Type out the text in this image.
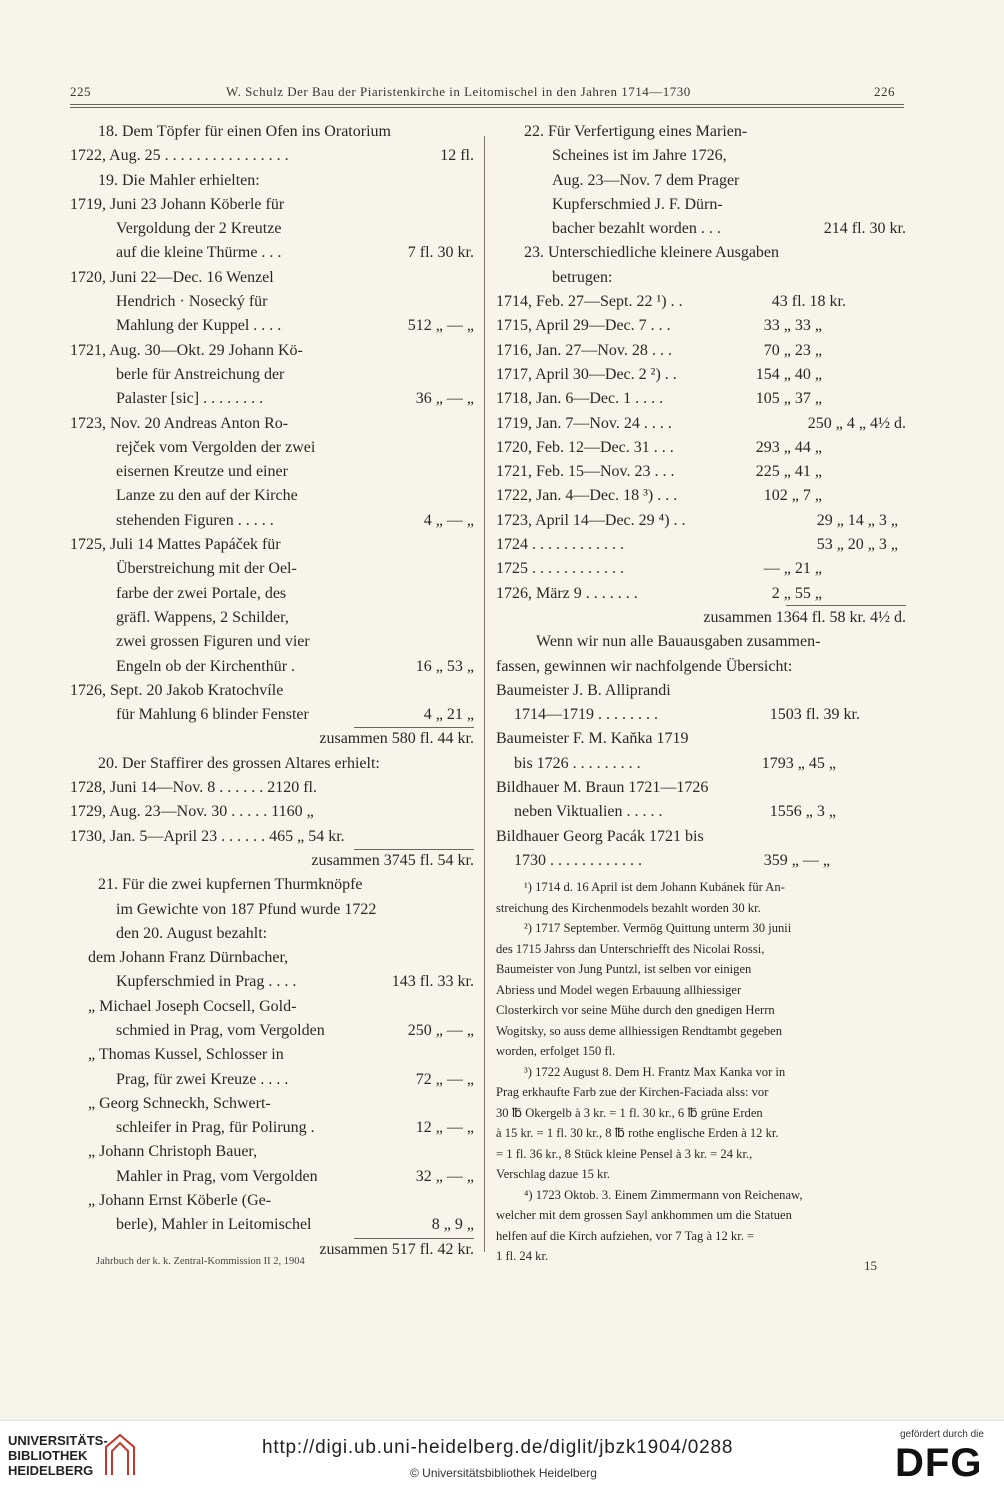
225	W. Schulz Der Bau der Piaristenkirche in Leitomischel in den Jahren 1714—1730	226
18. Dem Töpfer für einen Ofen ins Oratorium
1722, Aug. 25 . . . . . . . . . . . . . . . .	12 fl.
19. Die Mahler erhielten:
1719, Juni 23 Johann Köberle für
Vergoldung der 2 Kreutze
auf die kleine Thürme . . .	7 fl. 30 kr.
1720, Juni 22—Dec. 16 Wenzel
Hendrich · Nosecký für
Mahlung der Kuppel . . . .	512 „ — „
1721, Aug. 30—Okt. 29 Johann Kö-
berle für Anstreichung der
Palaster [sic] . . . . . . . .	36 „ — „
1723, Nov. 20 Andreas Anton Ro-
rejček vom Vergolden der zwei
eisernen Kreutze und einer
Lanze zu den auf der Kirche
stehenden Figuren . . . . .	4 „ — „
1725, Juli 14 Mattes Papáček für
Überstreichung mit der Oel-
farbe der zwei Portale, des
gräfl. Wappens, 2 Schilder,
zwei grossen Figuren und vier
Engeln ob der Kirchenthür .	16 „ 53 „
1726, Sept. 20 Jakob Kratochvíle
für Mahlung 6 blinder Fenster	4 „ 21 „
zusammen 580 fl. 44 kr.
20. Der Staffirer des grossen Altares erhielt:
1728, Juni 14—Nov. 8 . . . . . . 2120 fl.
1729, Aug. 23—Nov. 30 . . . . . 1160 „
1730, Jan. 5—April 23 . . . . . . 465 „ 54 kr.
zusammen 3745 fl. 54 kr.
21. Für die zwei kupfernen Thurmknöpfe
im Gewichte von 187 Pfund wurde 1722
den 20. August bezahlt:
dem Johann Franz Dürnbacher,
Kupferschmied in Prag . . . .	143 fl. 33 kr.
„ Michael Joseph Cocsell, Gold-
schmied in Prag, vom Vergolden	250 „ — „
„ Thomas Kussel, Schlosser in
Prag, für zwei Kreuze . . . .	72 „ — „
„ Georg Schneckh, Schwert-
schleifer in Prag, für Polirung .	12 „ — „
„ Johann Christoph Bauer,
Mahler in Prag, vom Vergolden	32 „ — „
„ Johann Ernst Köberle (Ge-
berle), Mahler in Leitomischel	8 „ 9 „
zusammen 517 fl. 42 kr.
22. Für Verfertigung eines Marien-
Scheines ist im Jahre 1726,
Aug. 23—Nov. 7 dem Prager
Kupferschmied J. F. Dürn-
bacher bezahlt worden . . .	214 fl. 30 kr.
23. Unterschiedliche kleinere Ausgaben
betrugen:
1714, Feb. 27—Sept. 22 ¹) . .	43 fl. 18 kr.
1715, April 29—Dec. 7 . . .	33 „ 33 „
1716, Jan. 27—Nov. 28 . . .	70 „ 23 „
1717, April 30—Dec. 2 ²) . .	154 „ 40 „
1718, Jan. 6—Dec. 1 . . . .	105 „ 37 „
1719, Jan. 7—Nov. 24 . . . .	250 „ 4 „ 4½ d.
1720, Feb. 12—Dec. 31 . . .	293 „ 44 „
1721, Feb. 15—Nov. 23 . . .	225 „ 41 „
1722, Jan. 4—Dec. 18 ³) . . .	102 „ 7 „
1723, April 14—Dec. 29 ⁴) . .	29 „ 14 „ 3 „
1724 . . . . . . . . . . . .	53 „ 20 „ 3 „
1725 . . . . . . . . . . . .	— „ 21 „
1726, März 9 . . . . . . .	2 „ 55 „
zusammen 1364 fl. 58 kr. 4½ d.
Wenn wir nun alle Bauausgaben zusammen-
fassen, gewinnen wir nachfolgende Übersicht:
Baumeister J. B. Alliprandi
1714—1719 . . . . . . . .	1503 fl. 39 kr.
Baumeister F. M. Kaňka 1719
bis 1726 . . . . . . . . .	1793 „ 45 „
Bildhauer M. Braun 1721—1726
neben Viktualien . . . . .	1556 „ 3 „
Bildhauer Georg Pacák 1721 bis
1730 . . . . . . . . . . . .	359 „ — „
¹) 1714 d. 16 April ist dem Johann Kubánek für An-
streichung des Kirchenmodels bezahlt worden 30 kr.
²) 1717 September. Vermög Quittung unterm 30 junii
des 1715 Jahrss dan Unterschriefft des Nicolai Rossi,
Baumeister von Jung Puntzl, ist selben vor einigen
Abriess und Model wegen Erbauung allhiessiger
Closterkirch vor seine Mühe durch den gnedigen Herrn
Wogitsky, so auss deme allhiessigen Rendtambt gegeben
worden, erfolget 150 fl.
³) 1722 August 8. Dem H. Frantz Max Kanka vor in
Prag erkhaufte Farb zue der Kirchen-Faciada alss: vor
30 ℔ Okergelb à 3 kr. = 1 fl. 30 kr., 6 ℔ grüne Erden
à 15 kr. = 1 fl. 30 kr., 8 ℔ rothe englische Erden à 12 kr.
= 1 fl. 36 kr., 8 Stück kleine Pensel à 3 kr. = 24 kr.,
Verschlag dazue 15 kr.
⁴) 1723 Oktob. 3. Einem Zimmermann von Reichenaw,
welcher mit dem grossen Sayl ankhommen um die Statuen
helfen auf die Kirch aufziehen, vor 7 Tag à 12 kr. =
1 fl. 24 kr.
Jahrbuch der k. k. Zentral-Kommission II 2, 1904	15
UNIVERSITÄTS-
BIBLIOTHEK
HEIDELBERG
http://digi.ub.uni-heidelberg.de/diglit/jbzk1904/0288
© Universitätsbibliothek Heidelberg
gefördert durch die
DFG
